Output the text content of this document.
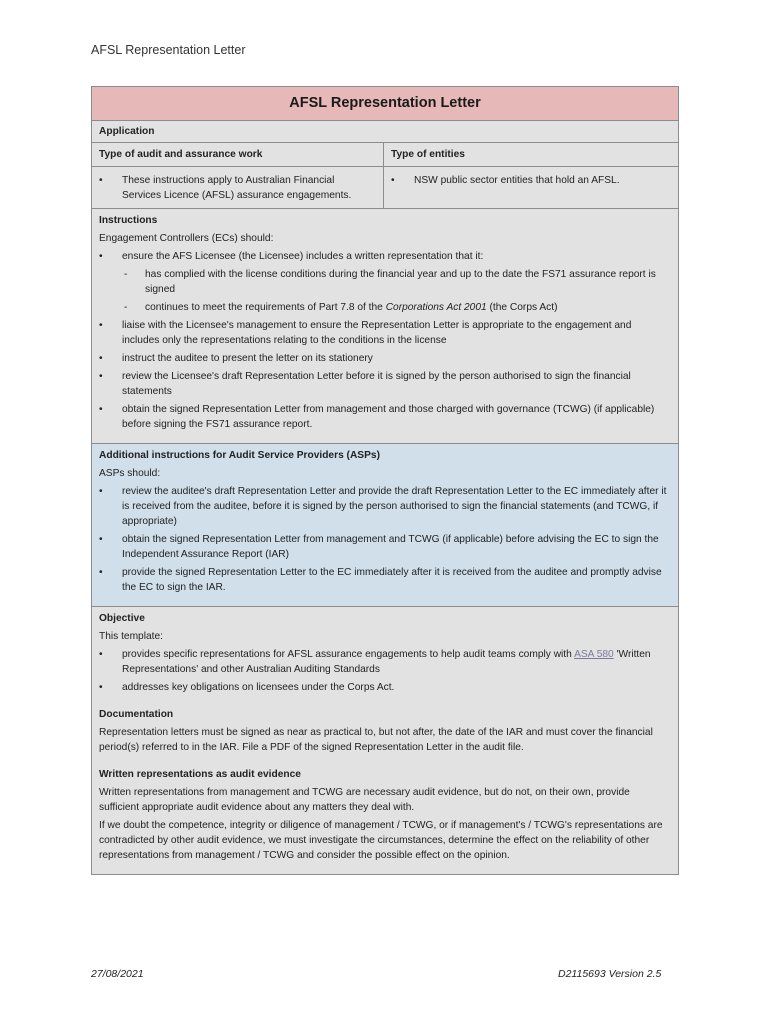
AFSL Representation Letter
AFSL Representation Letter
Application
Type of audit and assurance work	Type of entities
• These instructions apply to Australian Financial Services Licence (AFSL) assurance engagements.
• NSW public sector entities that hold an AFSL.
Instructions

Engagement Controllers (ECs) should:

• ensure the AFS Licensee (the Licensee) includes a written representation that it:
- has complied with the license conditions during the financial year and up to the date the FS71 assurance report is signed
- continues to meet the requirements of Part 7.8 of the Corporations Act 2001 (the Corps Act)
• liaise with the Licensee's management to ensure the Representation Letter is appropriate to the engagement and includes only the representations relating to the conditions in the license
• instruct the auditee to present the letter on its stationery
• review the Licensee's draft Representation Letter before it is signed by the person authorised to sign the financial statements
• obtain the signed Representation Letter from management and those charged with governance (TCWG) (if applicable) before signing the FS71 assurance report.
Additional instructions for Audit Service Providers (ASPs)

ASPs should:

• review the auditee's draft Representation Letter and provide the draft Representation Letter to the EC immediately after it is received from the auditee, before it is signed by the person authorised to sign the financial statements (and TCWG, if appropriate)
• obtain the signed Representation Letter from management and TCWG (if applicable) before advising the EC to sign the Independent Assurance Report (IAR)
• provide the signed Representation Letter to the EC immediately after it is received from the auditee and promptly advise the EC to sign the IAR.
Objective

This template:

• provides specific representations for AFSL assurance engagements to help audit teams comply with ASA 580 'Written Representations' and other Australian Auditing Standards
• addresses key obligations on licensees under the Corps Act.
Documentation

Representation letters must be signed as near as practical to, but not after, the date of the IAR and must cover the financial period(s) referred to in the IAR. File a PDF of the signed Representation Letter in the audit file.

Written representations as audit evidence

Written representations from management and TCWG are necessary audit evidence, but do not, on their own, provide sufficient appropriate audit evidence about any matters they deal with.

If we doubt the competence, integrity or diligence of management / TCWG, or if management's / TCWG's representations are contradicted by other audit evidence, we must investigate the circumstances, determine the effect on the reliability of other representations from management / TCWG and consider the possible effect on the opinion.

27/08/2021	D2115693 Version 2.5
